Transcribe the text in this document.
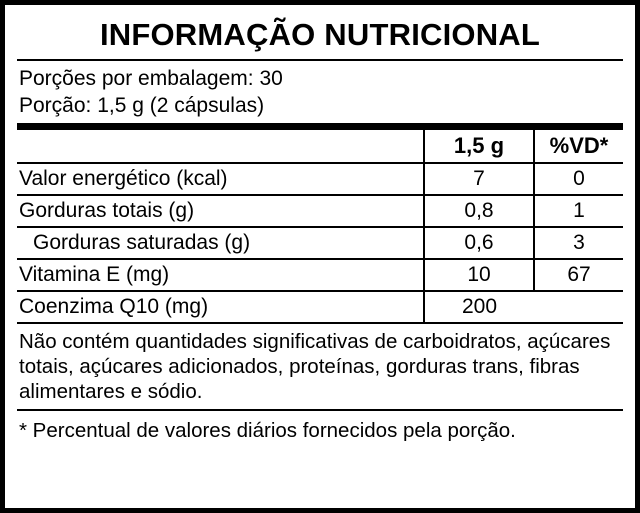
INFORMAÇÃO NUTRICIONAL
Porções por embalagem: 30
Porção: 1,5 g (2 cápsulas)
	1,5 g	%VD*
Valor energético (kcal)	7	0
Gorduras totais (g)	0,8	1
Gorduras saturadas (g)	0,6	3
Vitamina E (mg)	10	67
Coenzima Q10 (mg)	200	
Não contém quantidades significativas de carboidratos, açúcares totais, açúcares adicionados, proteínas, gorduras trans, fibras alimentares e sódio.
* Percentual de valores diários fornecidos pela porção.
